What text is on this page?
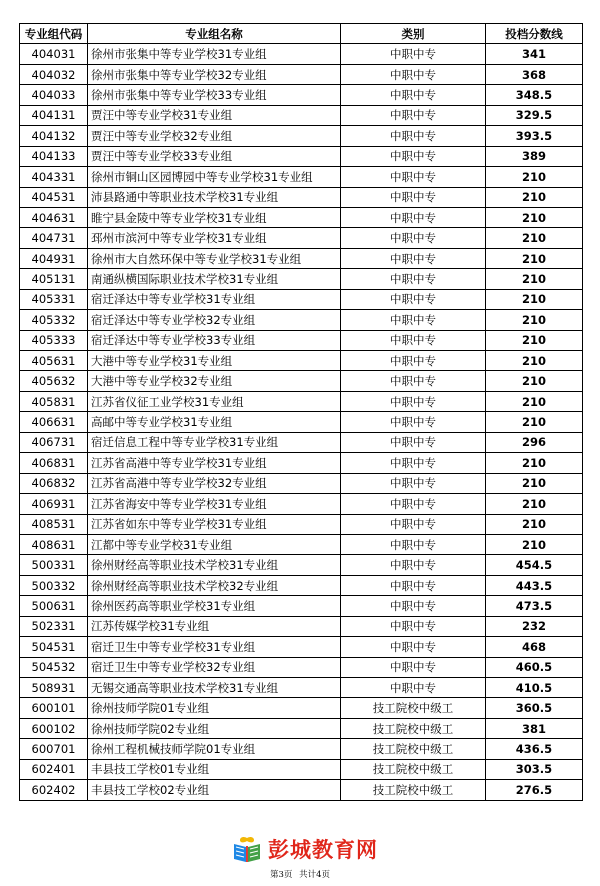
专业组代码	专业组名称	类别	投档分数线
404031	徐州市张集中等专业学校31专业组	中职中专	341
404032	徐州市张集中等专业学校32专业组	中职中专	368
404033	徐州市张集中等专业学校33专业组	中职中专	348.5
404131	贾汪中等专业学校31专业组	中职中专	329.5
404132	贾汪中等专业学校32专业组	中职中专	393.5
404133	贾汪中等专业学校33专业组	中职中专	389
404331	徐州市铜山区园博园中等专业学校31专业组	中职中专	210
404531	沛县路通中等职业技术学校31专业组	中职中专	210
404631	睢宁县金陵中等专业学校31专业组	中职中专	210
404731	邳州市滨河中等专业学校31专业组	中职中专	210
404931	徐州市大自然环保中等专业学校31专业组	中职中专	210
405131	南通纵横国际职业技术学校31专业组	中职中专	210
405331	宿迁泽达中等专业学校31专业组	中职中专	210
405332	宿迁泽达中等专业学校32专业组	中职中专	210
405333	宿迁泽达中等专业学校33专业组	中职中专	210
405631	大港中等专业学校31专业组	中职中专	210
405632	大港中等专业学校32专业组	中职中专	210
405831	江苏省仪征工业学校31专业组	中职中专	210
406631	高邮中等专业学校31专业组	中职中专	210
406731	宿迁信息工程中等专业学校31专业组	中职中专	296
406831	江苏省高港中等专业学校31专业组	中职中专	210
406832	江苏省高港中等专业学校32专业组	中职中专	210
406931	江苏省海安中等专业学校31专业组	中职中专	210
408531	江苏省如东中等专业学校31专业组	中职中专	210
408631	江都中等专业学校31专业组	中职中专	210
500331	徐州财经高等职业技术学校31专业组	中职中专	454.5
500332	徐州财经高等职业技术学校32专业组	中职中专	443.5
500631	徐州医药高等职业学校31专业组	中职中专	473.5
502331	江苏传媒学校31专业组	中职中专	232
504531	宿迁卫生中等专业学校31专业组	中职中专	468
504532	宿迁卫生中等专业学校32专业组	中职中专	460.5
508931	无锡交通高等职业技术学校31专业组	中职中专	410.5
600101	徐州技师学院01专业组	技工院校中级工	360.5
600102	徐州技师学院02专业组	技工院校中级工	381
600701	徐州工程机械技师学院01专业组	技工院校中级工	436.5
602401	丰县技工学校01专业组	技工院校中级工	303.5
602402	丰县技工学校02专业组	技工院校中级工	276.5
彭城教育网
第3页 共计4页
